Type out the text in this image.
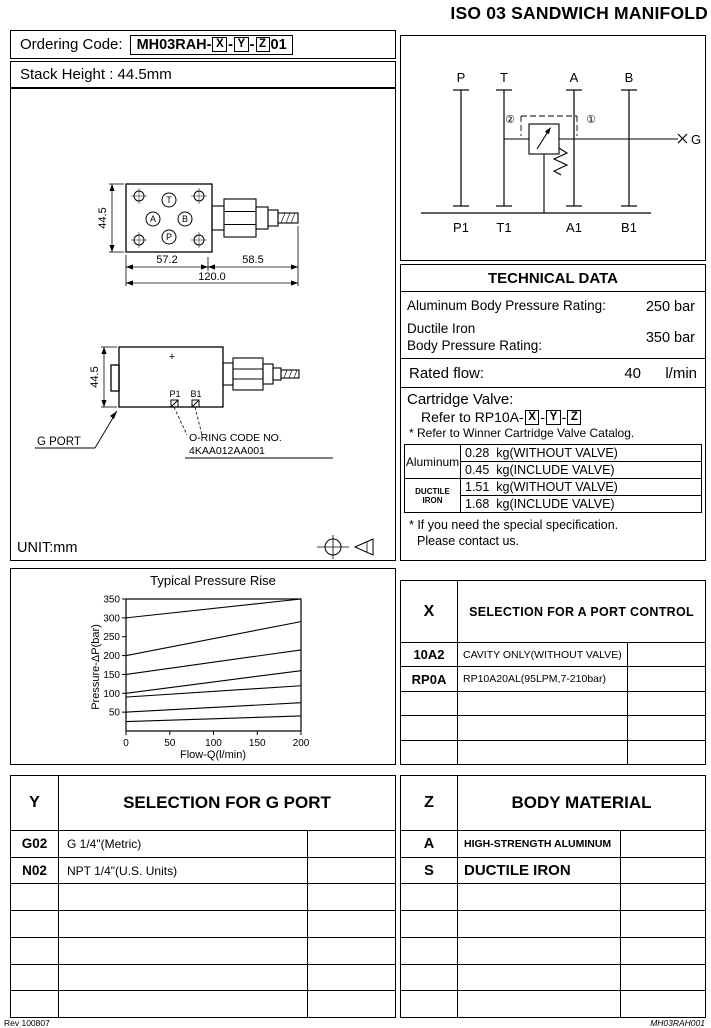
ISO 03 SANDWICH MANIFOLD
Ordering Code: MH03RAH- X - Y - Z 01
Stack Height : 44.5mm
T
A	B
P
44.5
57.2	58.5
120.0
+
P1 B1
44.5
G PORT	O-RING CODE NO.
4KAA012AA001
UNIT:mm
P	T	A	B
P1 T1	A1	B1
G
②	①
TECHNICAL DATA
Aluminum Body Pressure Rating:	250 bar
Ductile Iron
Body Pressure Rating:	350 bar
Rated flow:	40	l/min
Cartridge Valve:
Refer to RP10A- X - Y - Z
* Refer to Winner Cartridge Valve Catalog.
Aluminum
0.28  kg(WITHOUT VALVE)
0.45  kg(INCLUDE VALVE)
DUCTILE IRON
1.51  kg(WITHOUT VALVE)
1.68  kg(INCLUDE VALVE)
* If you need the special specification.
Please contact us.
Typical Pressure Rise
Flow-Q(l/min)
Pressure-ΔP(bar)
0	50	100	150	200
50
100
150
200
250
300
350
X	SELECTION FOR A PORT CONTROL
10A2	CAVITY ONLY(WITHOUT VALVE)
RP0A	RP10A20AL(95LPM,7-210bar)
Y	SELECTION FOR G PORT
G02	G 1/4"(Metric)
N02	NPT 1/4"(U.S. Units)
Z	BODY MATERIAL
A	HIGH-STRENGTH ALUMINUM
S	DUCTILE IRON
Rev 100807	MH03RAH001
